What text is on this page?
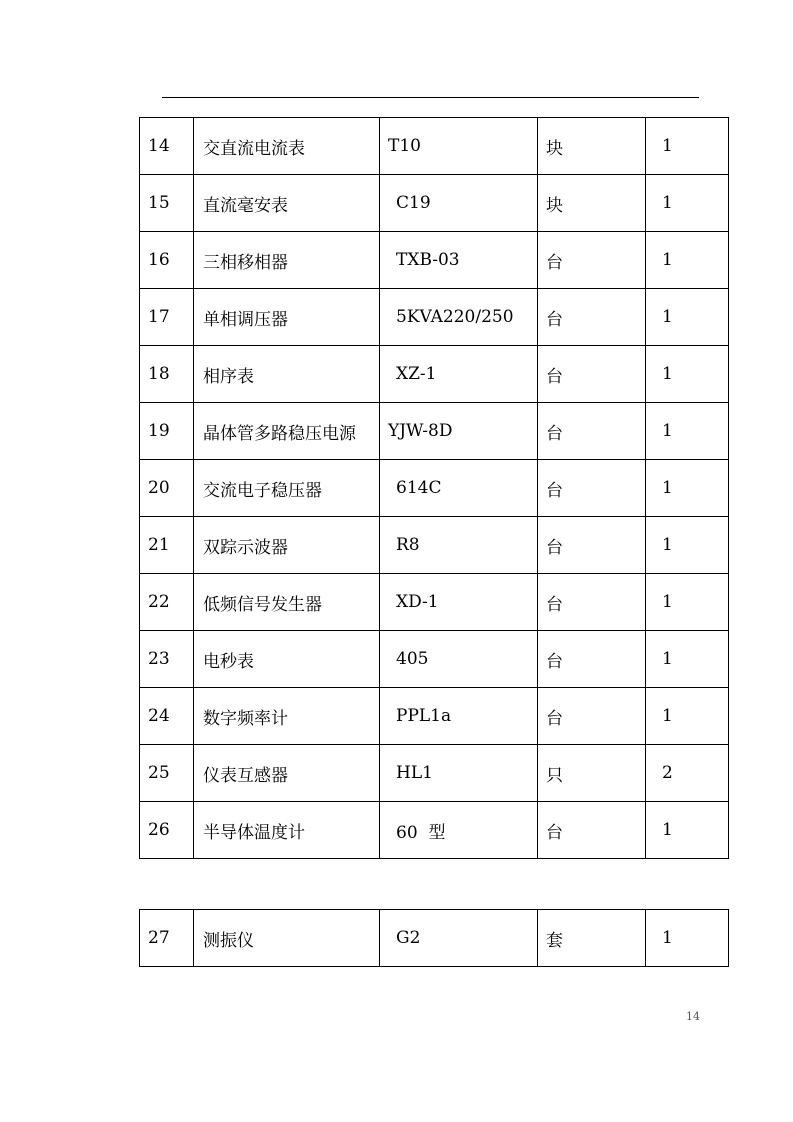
14	交直流电流表	T10	块	1
15	直流毫安表	C19	块	1
16	三相移相器	TXB-03	台	1
17	单相调压器	5KVA220/250	台	1
18	相序表	XZ-1	台	1
19	晶体管多路稳压电源	YJW-8D	台	1
20	交流电子稳压器	614C	台	1
21	双踪示波器	R8	台	1
22	低频信号发生器	XD-1	台	1
23	电秒表	405	台	1
24	数字频率计	PPL1a	台	1
25	仪表互感器	HL1	只	2
26	半导体温度计	60  型	台	1
27	测振仪	G2	套	1
14
